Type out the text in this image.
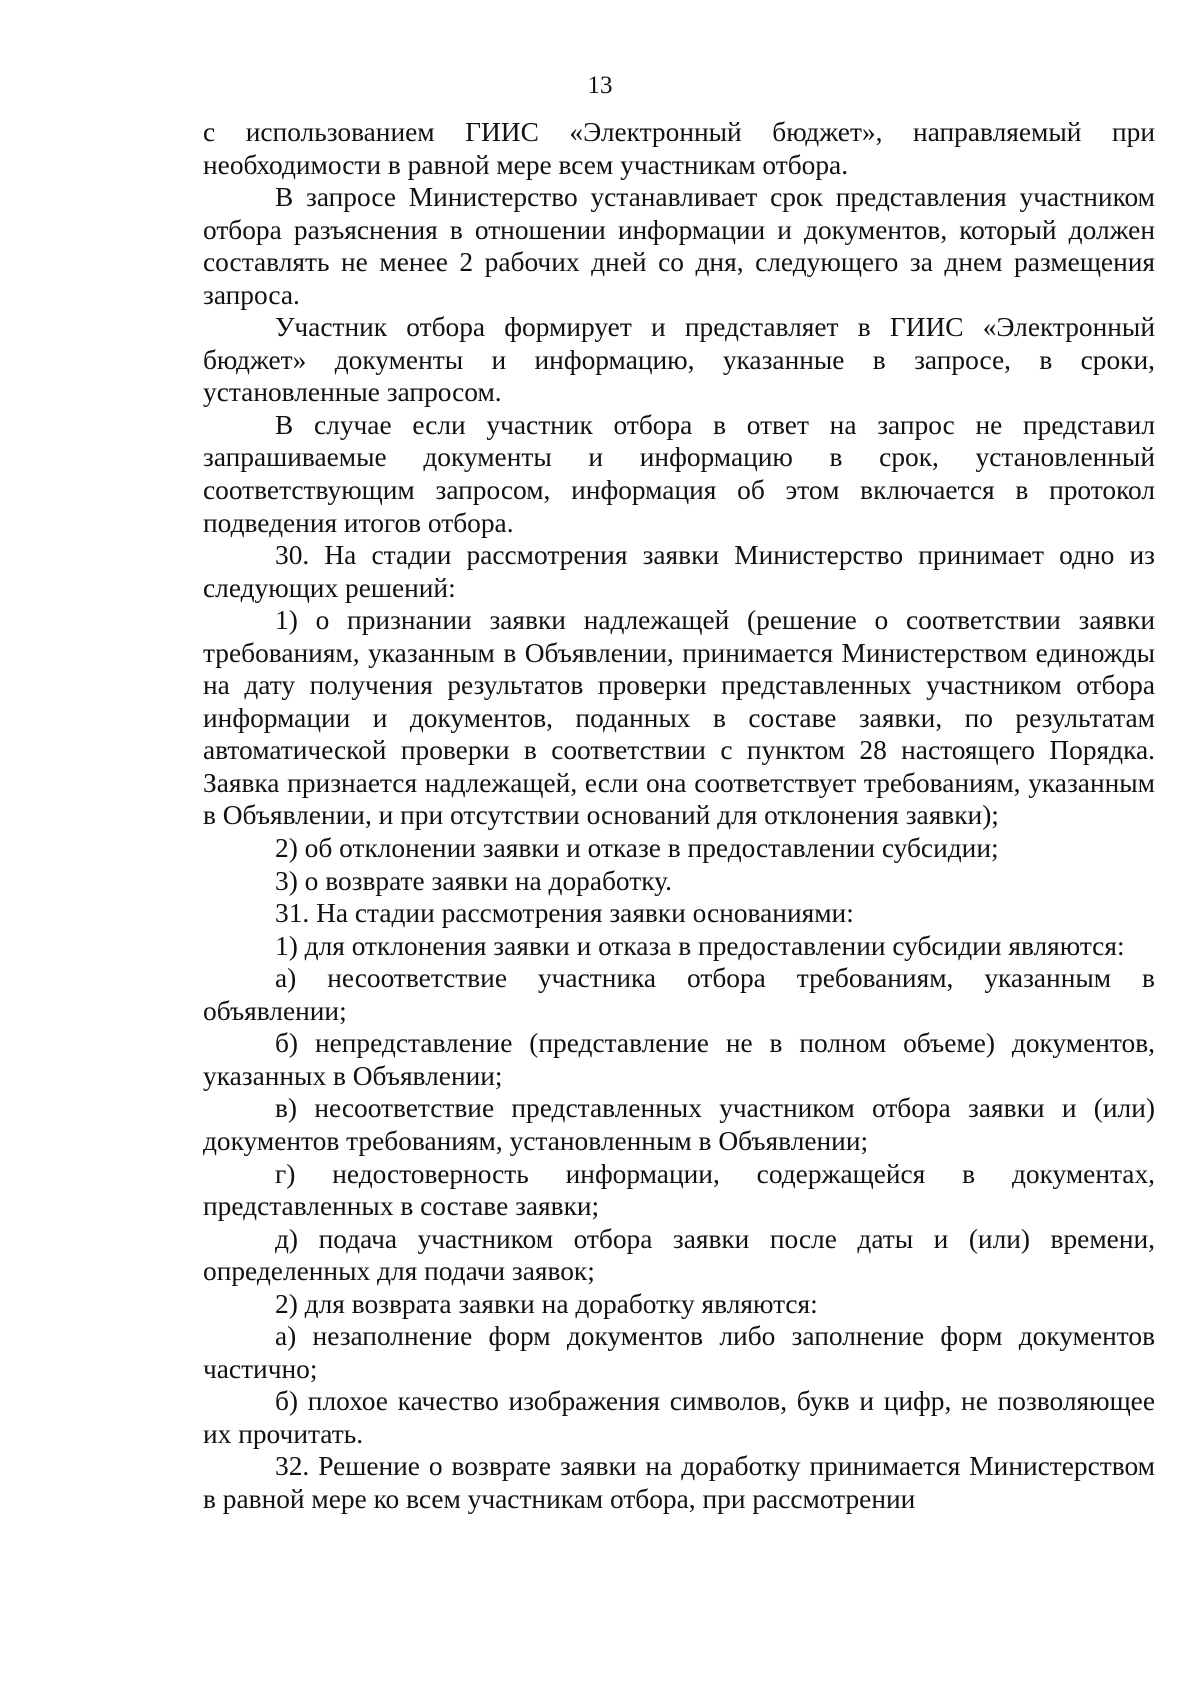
13

с использованием ГИИС «Электронный бюджет», направляемый при необходимости в равной мере всем участникам отбора.

В запросе Министерство устанавливает срок представления участником отбора разъяснения в отношении информации и документов, который должен составлять не менее 2 рабочих дней со дня, следующего за днем размещения запроса.

Участник отбора формирует и представляет в ГИИС «Электронный бюджет» документы и информацию, указанные в запросе, в сроки, установленные запросом.

В случае если участник отбора в ответ на запрос не представил запрашиваемые документы и информацию в срок, установленный соответствующим запросом, информация об этом включается в протокол подведения итогов отбора.

30. На стадии рассмотрения заявки Министерство принимает одно из следующих решений:

1) о признании заявки надлежащей (решение о соответствии заявки требованиям, указанным в Объявлении, принимается Министерством единожды на дату получения результатов проверки представленных участником отбора информации и документов, поданных в составе заявки, по результатам автоматической проверки в соответствии с пунктом 28 настоящего Порядка. Заявка признается надлежащей, если она соответствует требованиям, указанным в Объявлении, и при отсутствии оснований для отклонения заявки);

2) об отклонении заявки и отказе в предоставлении субсидии;

3) о возврате заявки на доработку.

31. На стадии рассмотрения заявки основаниями:

1) для отклонения заявки и отказа в предоставлении субсидии являются:

а) несоответствие участника отбора требованиям, указанным в объявлении;

б) непредставление (представление не в полном объеме) документов, указанных в Объявлении;

в) несоответствие представленных участником отбора заявки и (или) документов требованиям, установленным в Объявлении;

г) недостоверность информации, содержащейся в документах, представленных в составе заявки;

д) подача участником отбора заявки после даты и (или) времени, определенных для подачи заявок;

2) для возврата заявки на доработку являются:

а) незаполнение форм документов либо заполнение форм документов частично;

б) плохое качество изображения символов, букв и цифр, не позволяющее их прочитать.

32. Решение о возврате заявки на доработку принимается Министерством в равной мере ко всем участникам отбора, при рассмотрении
